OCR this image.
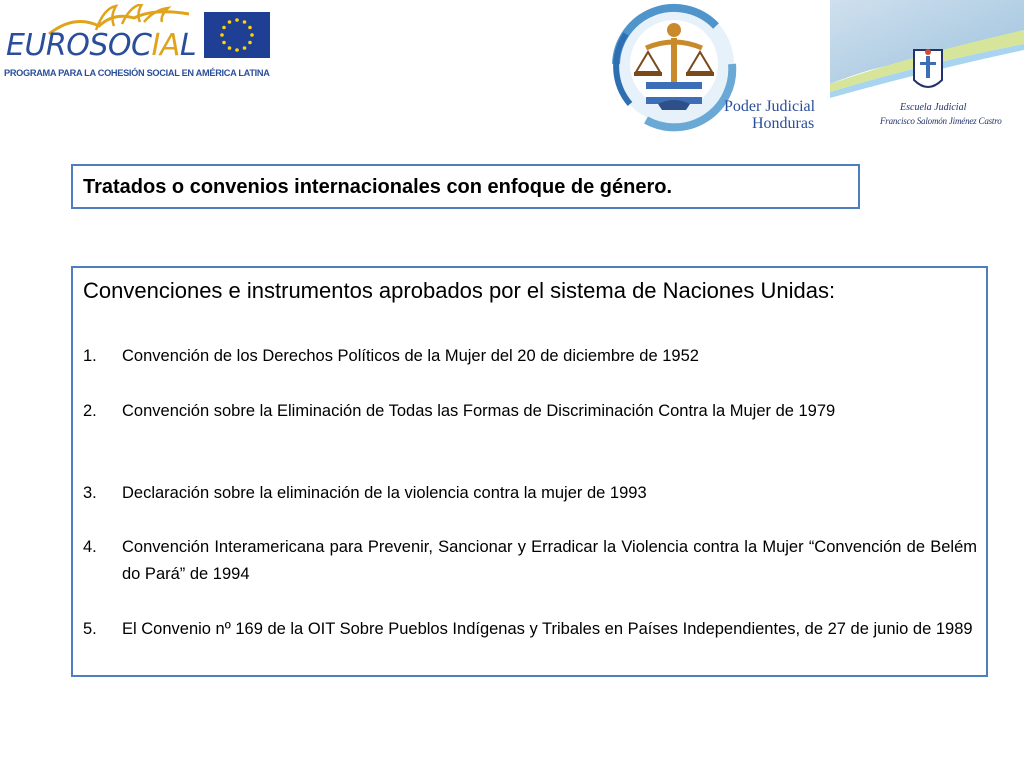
EUROSOCIAL
PROGRAMA PARA LA COHESIÓN SOCIAL EN AMÉRICA LATINA
Poder Judicial
Honduras
Escuela Judicial
Francisco Salomón Jiménez Castro
Tratados o convenios internacionales con enfoque de género.
Convenciones e instrumentos aprobados por el sistema de Naciones Unidas:
1. Convención de los Derechos Políticos de la Mujer del 20 de diciembre de 1952
2. Convención sobre la Eliminación de Todas las Formas de Discriminación Contra la Mujer de 1979
3. Declaración sobre la eliminación de la violencia contra la mujer de 1993
4. Convención Interamericana para Prevenir, Sancionar y Erradicar la Violencia contra la Mujer “Convención de Belém do Pará” de 1994
5. El Convenio nº 169 de la OIT Sobre Pueblos Indígenas y Tribales en Países Independientes, de 27 de junio de 1989
